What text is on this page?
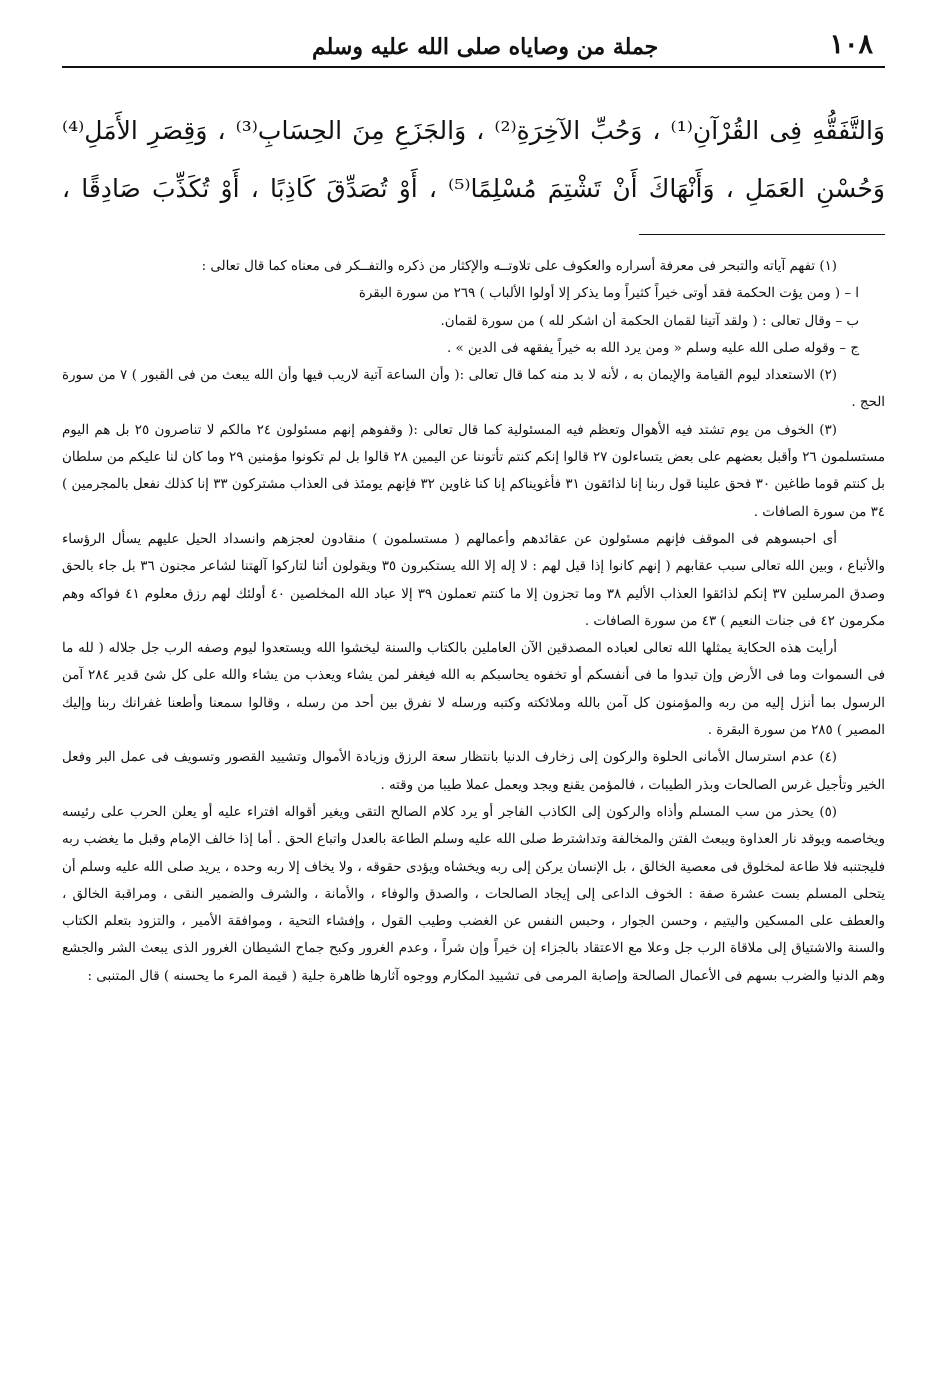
١٠٨
جملة من وصاياه صلى الله عليه وسلم
وَالتَّفَقُّهِ فِى القُرْآنِ⁽¹⁾ ، وَحُبِّ الآخِرَةِ⁽²⁾ ، وَالجَزَعِ مِنَ الحِسَابِ⁽³⁾ ، وَقِصَرِ الأَمَلِ⁽⁴⁾
وَحُسْنِ العَمَلِ ، وَأَنْهَاكَ أَنْ تَشْتِمَ مُسْلِمًا⁽⁵⁾ ، أَوْ تُصَدِّقَ كَاذِبًا ، أَوْ تُكَذِّبَ صَادِقًا ،

(١) تفهم آياته والتبحر فى معرفة أسراره والعكوف على تلاوتــه والإكثار من ذكره والتفــكر فى معناه كما قال تعالى :

ا – ( ومن يؤت الحكمة فقد أوتى خيراً كثيراً وما يذكر إلا أولوا الألباب ) ٢٦٩ من سورة البقرة

ب – وقال تعالى : ( ولقد آتينا لقمان الحكمة أن اشكر لله ) من سورة لقمان.

ج – وقوله صلى الله عليه وسلم « ومن يرد الله به خيراً يفقهه فى الدين » .

(٢) الاستعداد ليوم القيامة والإيمان به ، لأنه لا بد منه كما قال تعالى :( وأن الساعة آتية لاريب فيها وأن الله يبعث من فى القبور ) ٧ من سورة الحج .

(٣) الخوف من يوم تشتد فيه الأهوال وتعظم فيه المسئولية كما قال تعالى :( وقفوهم إنهم مسئولون ٢٤ مالكم لا تناصرون ٢٥ بل هم اليوم مستسلمون ٢٦ وأقبل بعضهم على بعض يتساءلون ٢٧ قالوا إنكم كنتم تأتوننا عن اليمين ٢٨ قالوا بل لم تكونوا مؤمنين ٢٩ وما كان لنا عليكم من سلطان بل كنتم قوما طاغين ٣٠ فحق علينا قول ربنا إنا لذائقون ٣١ فأغويناكم إنا كنا غاوين ٣٢ فإنهم يومئذ فى العذاب مشتركون ٣٣ إنا كذلك نفعل بالمجرمين ) ٣٤ من سورة الصافات .

أى احبسوهم فى الموقف فإنهم مسئولون عن عقائدهم وأعمالهم ( مستسلمون ) منقادون لعجزهم وانسداد الحيل عليهم يسأل الرؤساء والأتباع ، وبين الله تعالى سبب عقابهم ( إنهم كانوا إذا قيل لهم : لا إله إلا الله يستكبرون ٣٥ ويقولون أئنا لتاركوا آلهتنا لشاعر مجنون ٣٦ بل جاء بالحق وصدق المرسلين ٣٧ إنكم لذائقوا العذاب الأليم ٣٨ وما تجزون إلا ما كنتم تعملون ٣٩ إلا عباد الله المخلصين ٤٠ أولئك لهم رزق معلوم ٤١ فواكه وهم مكرمون ٤٢ فى جنات النعيم ) ٤٣ من سورة الصافات .

أرأيت هذه الحكاية يمثلها الله تعالى لعباده المصدقين الآن العاملين بالكتاب والسنة ليخشوا الله ويستعدوا ليوم وصفه الرب جل جلاله ( لله ما فى السموات وما فى الأرض وإن تبدوا ما فى أنفسكم أو تخفوه يحاسبكم به الله فيغفر لمن يشاء ويعذب من يشاء والله على كل شئ قدير ٢٨٤ آمن الرسول بما أنزل إليه من ربه والمؤمنون كل آمن بالله وملائكته وكتبه ورسله لا نفرق بين أحد من رسله ، وقالوا سمعنا وأطعنا غفرانك ربنا وإليك المصير ) ٢٨٥ من سورة البقرة .

(٤) عدم استرسال الأمانى الحلوة والركون إلى زخارف الدنيا بانتظار سعة الرزق وزيادة الأموال وتشييد القصور وتسويف فى عمل البر وفعل الخير وتأجيل غرس الصالحات وبذر الطيبات ، فالمؤمن يقنع ويجد ويعمل عملا طيبا من وقته .

(٥) يحذر من سب المسلم وأذاه والركون إلى الكاذب الفاجر أو يرد كلام الصالح التقى ويغير أقواله افتراء عليه أو يعلن الحرب على رئيسه ويخاصمه ويوقد نار العداوة ويبعث الفتن والمخالفة وتداشترط صلى الله عليه وسلم الطاعة بالعدل واتباع الحق . أما إذا خالف الإمام وقبل ما يغضب ربه فليجتنبه فلا طاعة لمخلوق فى معصية الخالق ، بل الإنسان يركن إلى ربه ويخشاه ويؤدى حقوقه ، ولا يخاف إلا ربه وحده ، يريد صلى الله عليه وسلم أن يتحلى المسلم بست عشرة صفة : الخوف الداعى إلى إيجاد الصالحات ، والصدق والوفاء ، والأمانة ، والشرف والضمير النقى ، ومراقبة الخالق ، والعطف على المسكين واليتيم ، وحسن الجوار ، وحبس النفس عن الغضب وطيب القول ، وإفشاء التحية ، وموافقة الأمير ، والتزود بتعلم الكتاب والسنة والاشتياق إلى ملاقاة الرب جل وعلا مع الاعتقاد بالجزاء إن خيراً وإن شراً ، وعدم الغرور وكبح جماح الشيطان الغرور الذى يبعث الشر والجشع وهم الدنيا والضرب بسهم فى الأعمال الصالحة وإصابة المرمى فى تشييد المكارم ووجوه آثارها ظاهرة جلية ( قيمة المرء ما يحسنه ) قال المتنبى :
